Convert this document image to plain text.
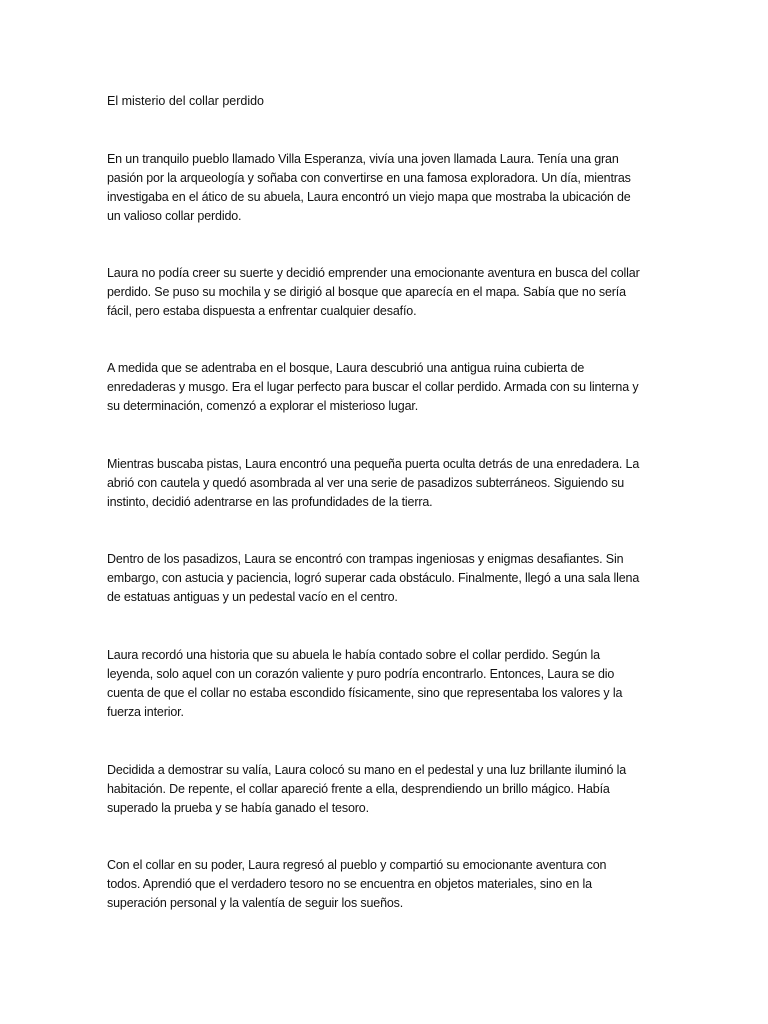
El misterio del collar perdido

En un tranquilo pueblo llamado Villa Esperanza, vivía una joven llamada Laura. Tenía una gran
pasión por la arqueología y soñaba con convertirse en una famosa exploradora. Un día, mientras
investigaba en el ático de su abuela, Laura encontró un viejo mapa que mostraba la ubicación de
un valioso collar perdido.

Laura no podía creer su suerte y decidió emprender una emocionante aventura en busca del collar
perdido. Se puso su mochila y se dirigió al bosque que aparecía en el mapa. Sabía que no sería
fácil, pero estaba dispuesta a enfrentar cualquier desafío.

A medida que se adentraba en el bosque, Laura descubrió una antigua ruina cubierta de
enredaderas y musgo. Era el lugar perfecto para buscar el collar perdido. Armada con su linterna y
su determinación, comenzó a explorar el misterioso lugar.

Mientras buscaba pistas, Laura encontró una pequeña puerta oculta detrás de una enredadera. La
abrió con cautela y quedó asombrada al ver una serie de pasadizos subterráneos. Siguiendo su
instinto, decidió adentrarse en las profundidades de la tierra.

Dentro de los pasadizos, Laura se encontró con trampas ingeniosas y enigmas desafiantes. Sin
embargo, con astucia y paciencia, logró superar cada obstáculo. Finalmente, llegó a una sala llena
de estatuas antiguas y un pedestal vacío en el centro.

Laura recordó una historia que su abuela le había contado sobre el collar perdido. Según la
leyenda, solo aquel con un corazón valiente y puro podría encontrarlo. Entonces, Laura se dio
cuenta de que el collar no estaba escondido físicamente, sino que representaba los valores y la
fuerza interior.

Decidida a demostrar su valía, Laura colocó su mano en el pedestal y una luz brillante iluminó la
habitación. De repente, el collar apareció frente a ella, desprendiendo un brillo mágico. Había
superado la prueba y se había ganado el tesoro.

Con el collar en su poder, Laura regresó al pueblo y compartió su emocionante aventura con
todos. Aprendió que el verdadero tesoro no se encuentra en objetos materiales, sino en la
superación personal y la valentía de seguir los sueños.
